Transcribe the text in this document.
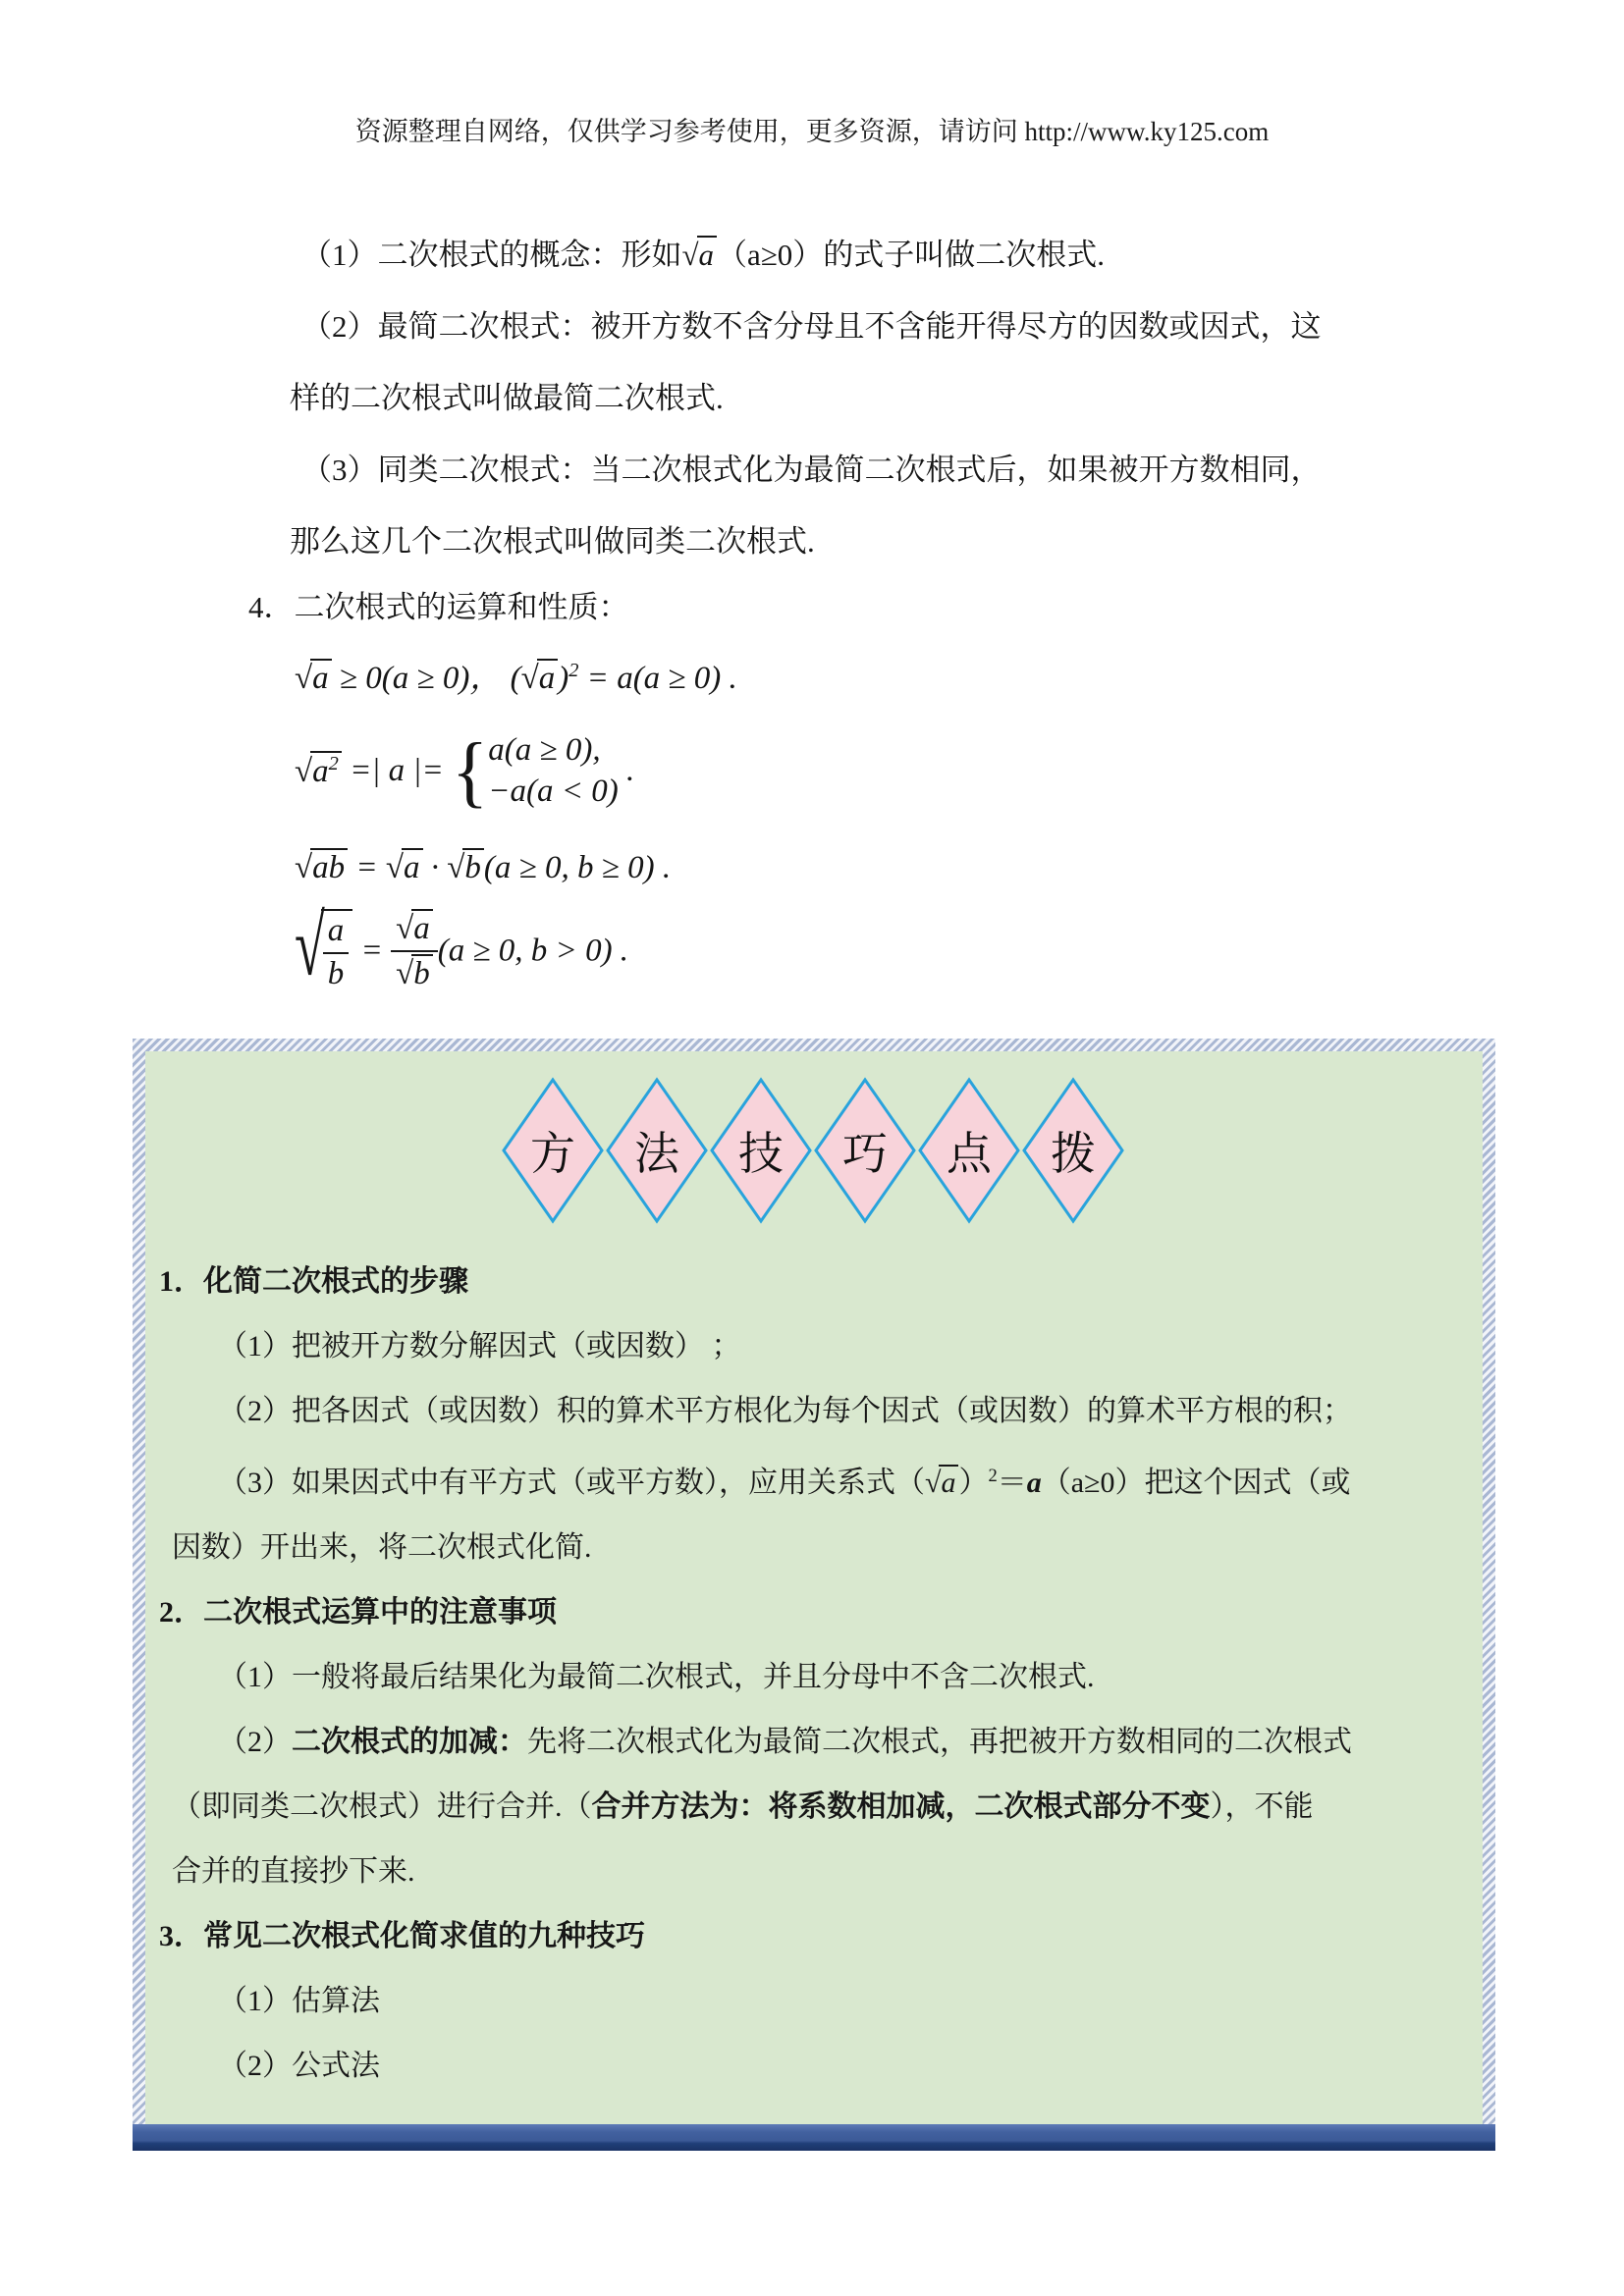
资源整理自网络，仅供学习参考使用，更多资源，请访问 http://www.ky125.com
（1）二次根式的概念：形如√a（a≥0）的式子叫做二次根式.
（2）最简二次根式：被开方数不含分母且不含能开得尽方的因数或因式，这
样的二次根式叫做最简二次根式.
（3）同类二次根式：当二次根式化为最简二次根式后，如果被开方数相同，
那么这几个二次根式叫做同类二次根式.
4．二次根式的运算和性质：
√a ≥ 0(a ≥ 0)， $(√a)^2 = a(a \ge 0)$ .
$√a^2$ =| a |= { a(a ≥ 0),
−a(a < 0)
.
√ab = √a · √b(a ≥ 0, b ≥ 0) .
√
$\frac{a}{b} = \frac{√a}{√b} (a \ge 0$, b > 0) .
方	法	技	巧	点	拨
1．化简二次根式的步骤
（1）把被开方数分解因式（或因数） ；
（2）把各因式（或因数）积的算术平方根化为每个因式（或因数）的算术平方根的积；
（3）如果因式中有平方式（或平方数），应用关系式（√a ）$^2$＝a（a≥0）把这个因式（或
因数）开出来，将二次根式化简.
2．二次根式运算中的注意事项
（1）一般将最后结果化为最简二次根式，并且分母中不含二次根式.
（2）二次根式的加减：先将二次根式化为最简二次根式，再把被开方数相同的二次根式
（即同类二次根式）进行合并.（合并方法为：将系数相加减，二次根式部分不变），不能
合并的直接抄下来.
3．常见二次根式化简求值的九种技巧
（1）估算法
（2）公式法
